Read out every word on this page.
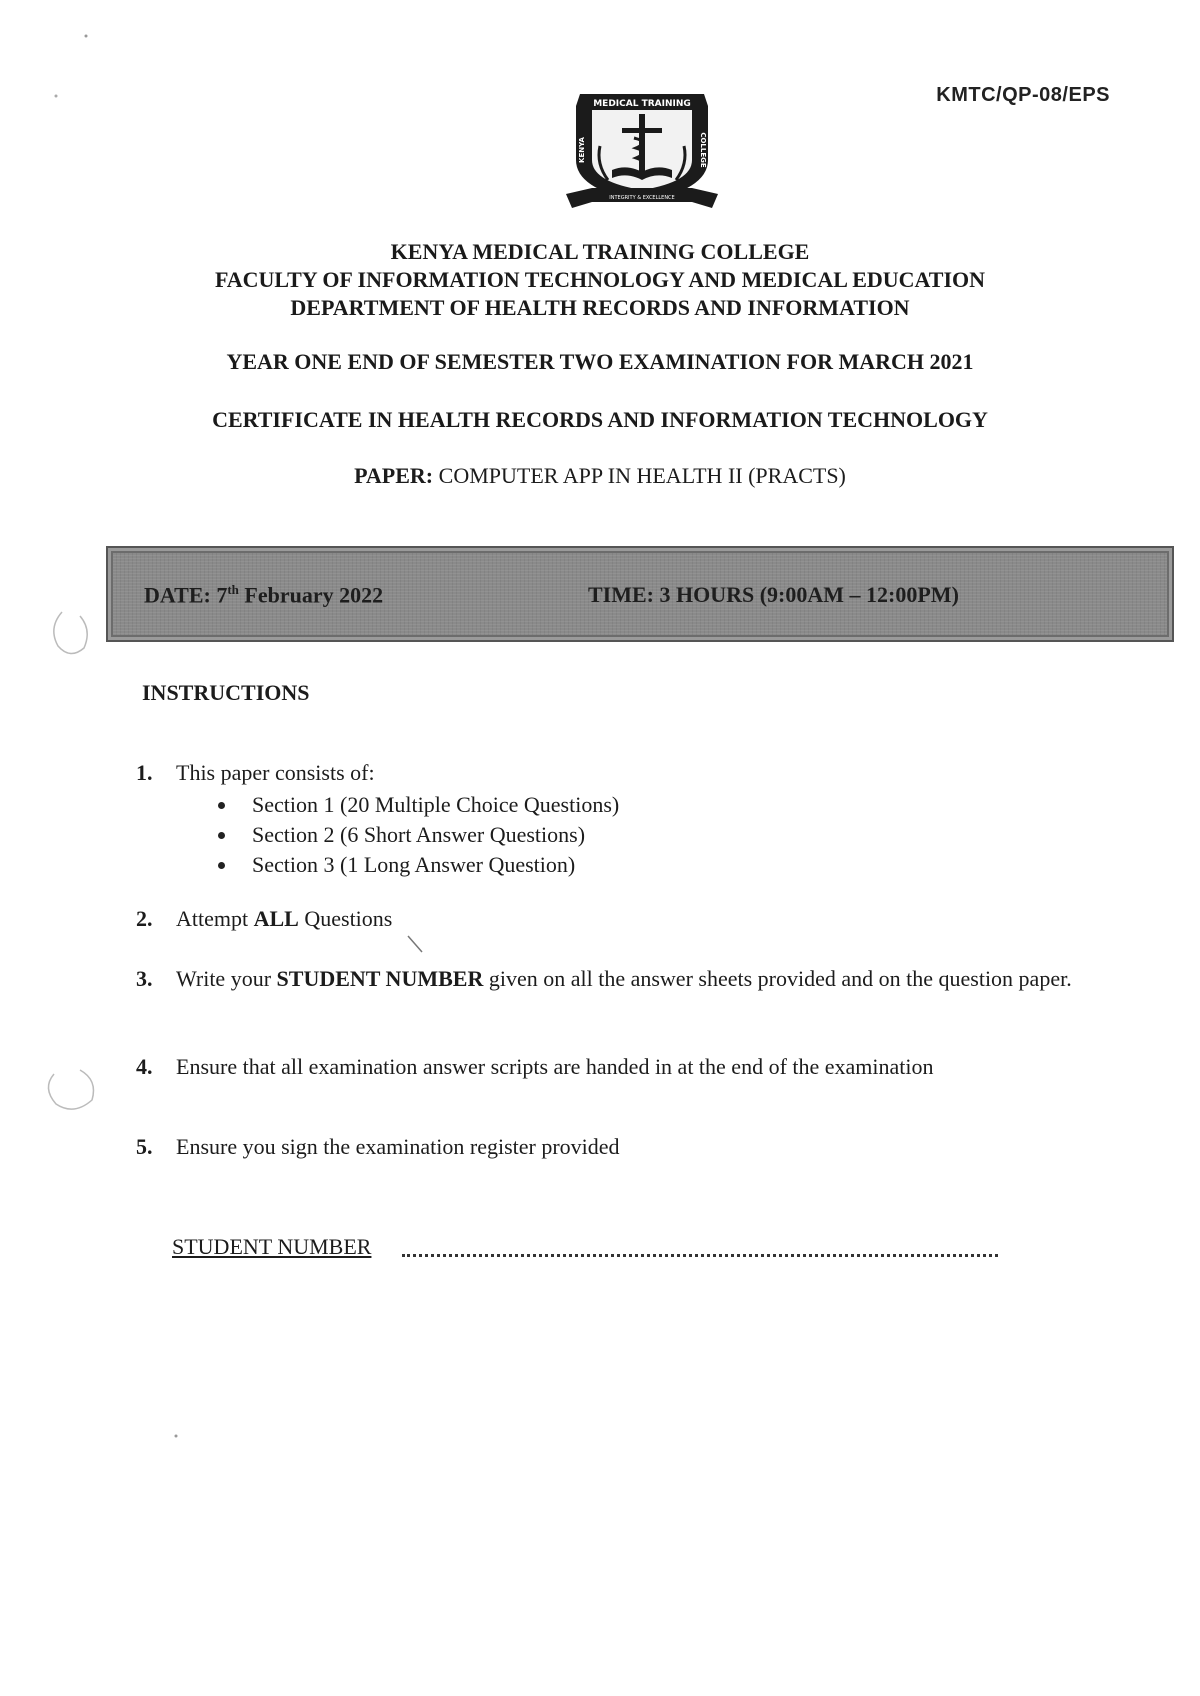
KMTC/QP-08/EPS
MEDICAL TRAINING
KENYA	COLLEGE
INTEGRITY & EXCELLENCE
KENYA MEDICAL TRAINING COLLEGE
FACULTY OF INFORMATION TECHNOLOGY AND MEDICAL EDUCATION
DEPARTMENT OF HEALTH RECORDS AND INFORMATION
YEAR ONE END OF SEMESTER TWO EXAMINATION FOR MARCH 2021
CERTIFICATE IN HEALTH RECORDS AND INFORMATION TECHNOLOGY
PAPER: COMPUTER APP IN HEALTH II (PRACTS)
DATE: 7th February 2022	TIME: 3 HOURS (9:00AM – 12:00PM)
INSTRUCTIONS
1. This paper consists of:
Section 1 (20 Multiple Choice Questions)
Section 2 (6 Short Answer Questions)
Section 3 (1 Long Answer Question)
2. Attempt ALL Questions
3. Write your STUDENT NUMBER given on all the answer sheets provided and on the question paper.
4. Ensure that all examination answer scripts are handed in at the end of the examination
5. Ensure you sign the examination register provided
STUDENT NUMBER
